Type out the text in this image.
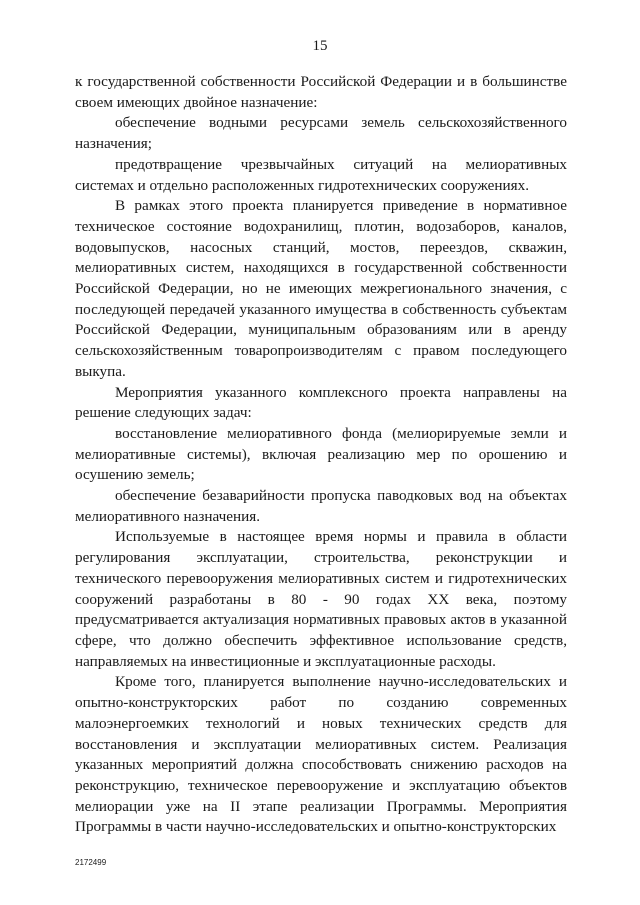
15

к государственной собственности Российской Федерации и в большинстве своем имеющих двойное назначение:

обеспечение водными ресурсами земель сельскохозяйственного назначения;

предотвращение чрезвычайных ситуаций на мелиоративных системах и отдельно расположенных гидротехнических сооружениях.

В рамках этого проекта планируется приведение в нормативное техническое состояние водохранилищ, плотин, водозаборов, каналов, водовыпусков, насосных станций, мостов, переездов, скважин, мелиоративных систем, находящихся в государственной собственности Российской Федерации, но не имеющих межрегионального значения, с последующей передачей указанного имущества в собственность субъектам Российской Федерации, муниципальным образованиям или в аренду сельскохозяйственным товаропроизводителям с правом последующего выкупа.

Мероприятия указанного комплексного проекта направлены на решение следующих задач:

восстановление мелиоративного фонда (мелиорируемые земли и мелиоративные системы), включая реализацию мер по орошению и осушению земель;

обеспечение безаварийности пропуска паводковых вод на объектах мелиоративного назначения.

Используемые в настоящее время нормы и правила в области регулирования эксплуатации, строительства, реконструкции и технического перевооружения мелиоративных систем и гидротехнических сооружений разработаны в 80 - 90 годах XX века, поэтому предусматривается актуализация нормативных правовых актов в указанной сфере, что должно обеспечить эффективное использование средств, направляемых на инвестиционные и эксплуатационные расходы.

Кроме того, планируется выполнение научно-исследовательских и опытно-конструкторских работ по созданию современных малоэнергоемких технологий и новых технических средств для восстановления и эксплуатации мелиоративных систем. Реализация указанных мероприятий должна способствовать снижению расходов на реконструкцию, техническое перевооружение и эксплуатацию объектов мелиорации уже на II этапе реализации Программы. Мероприятия Программы в части научно-исследовательских и опытно-конструкторских

2172499
